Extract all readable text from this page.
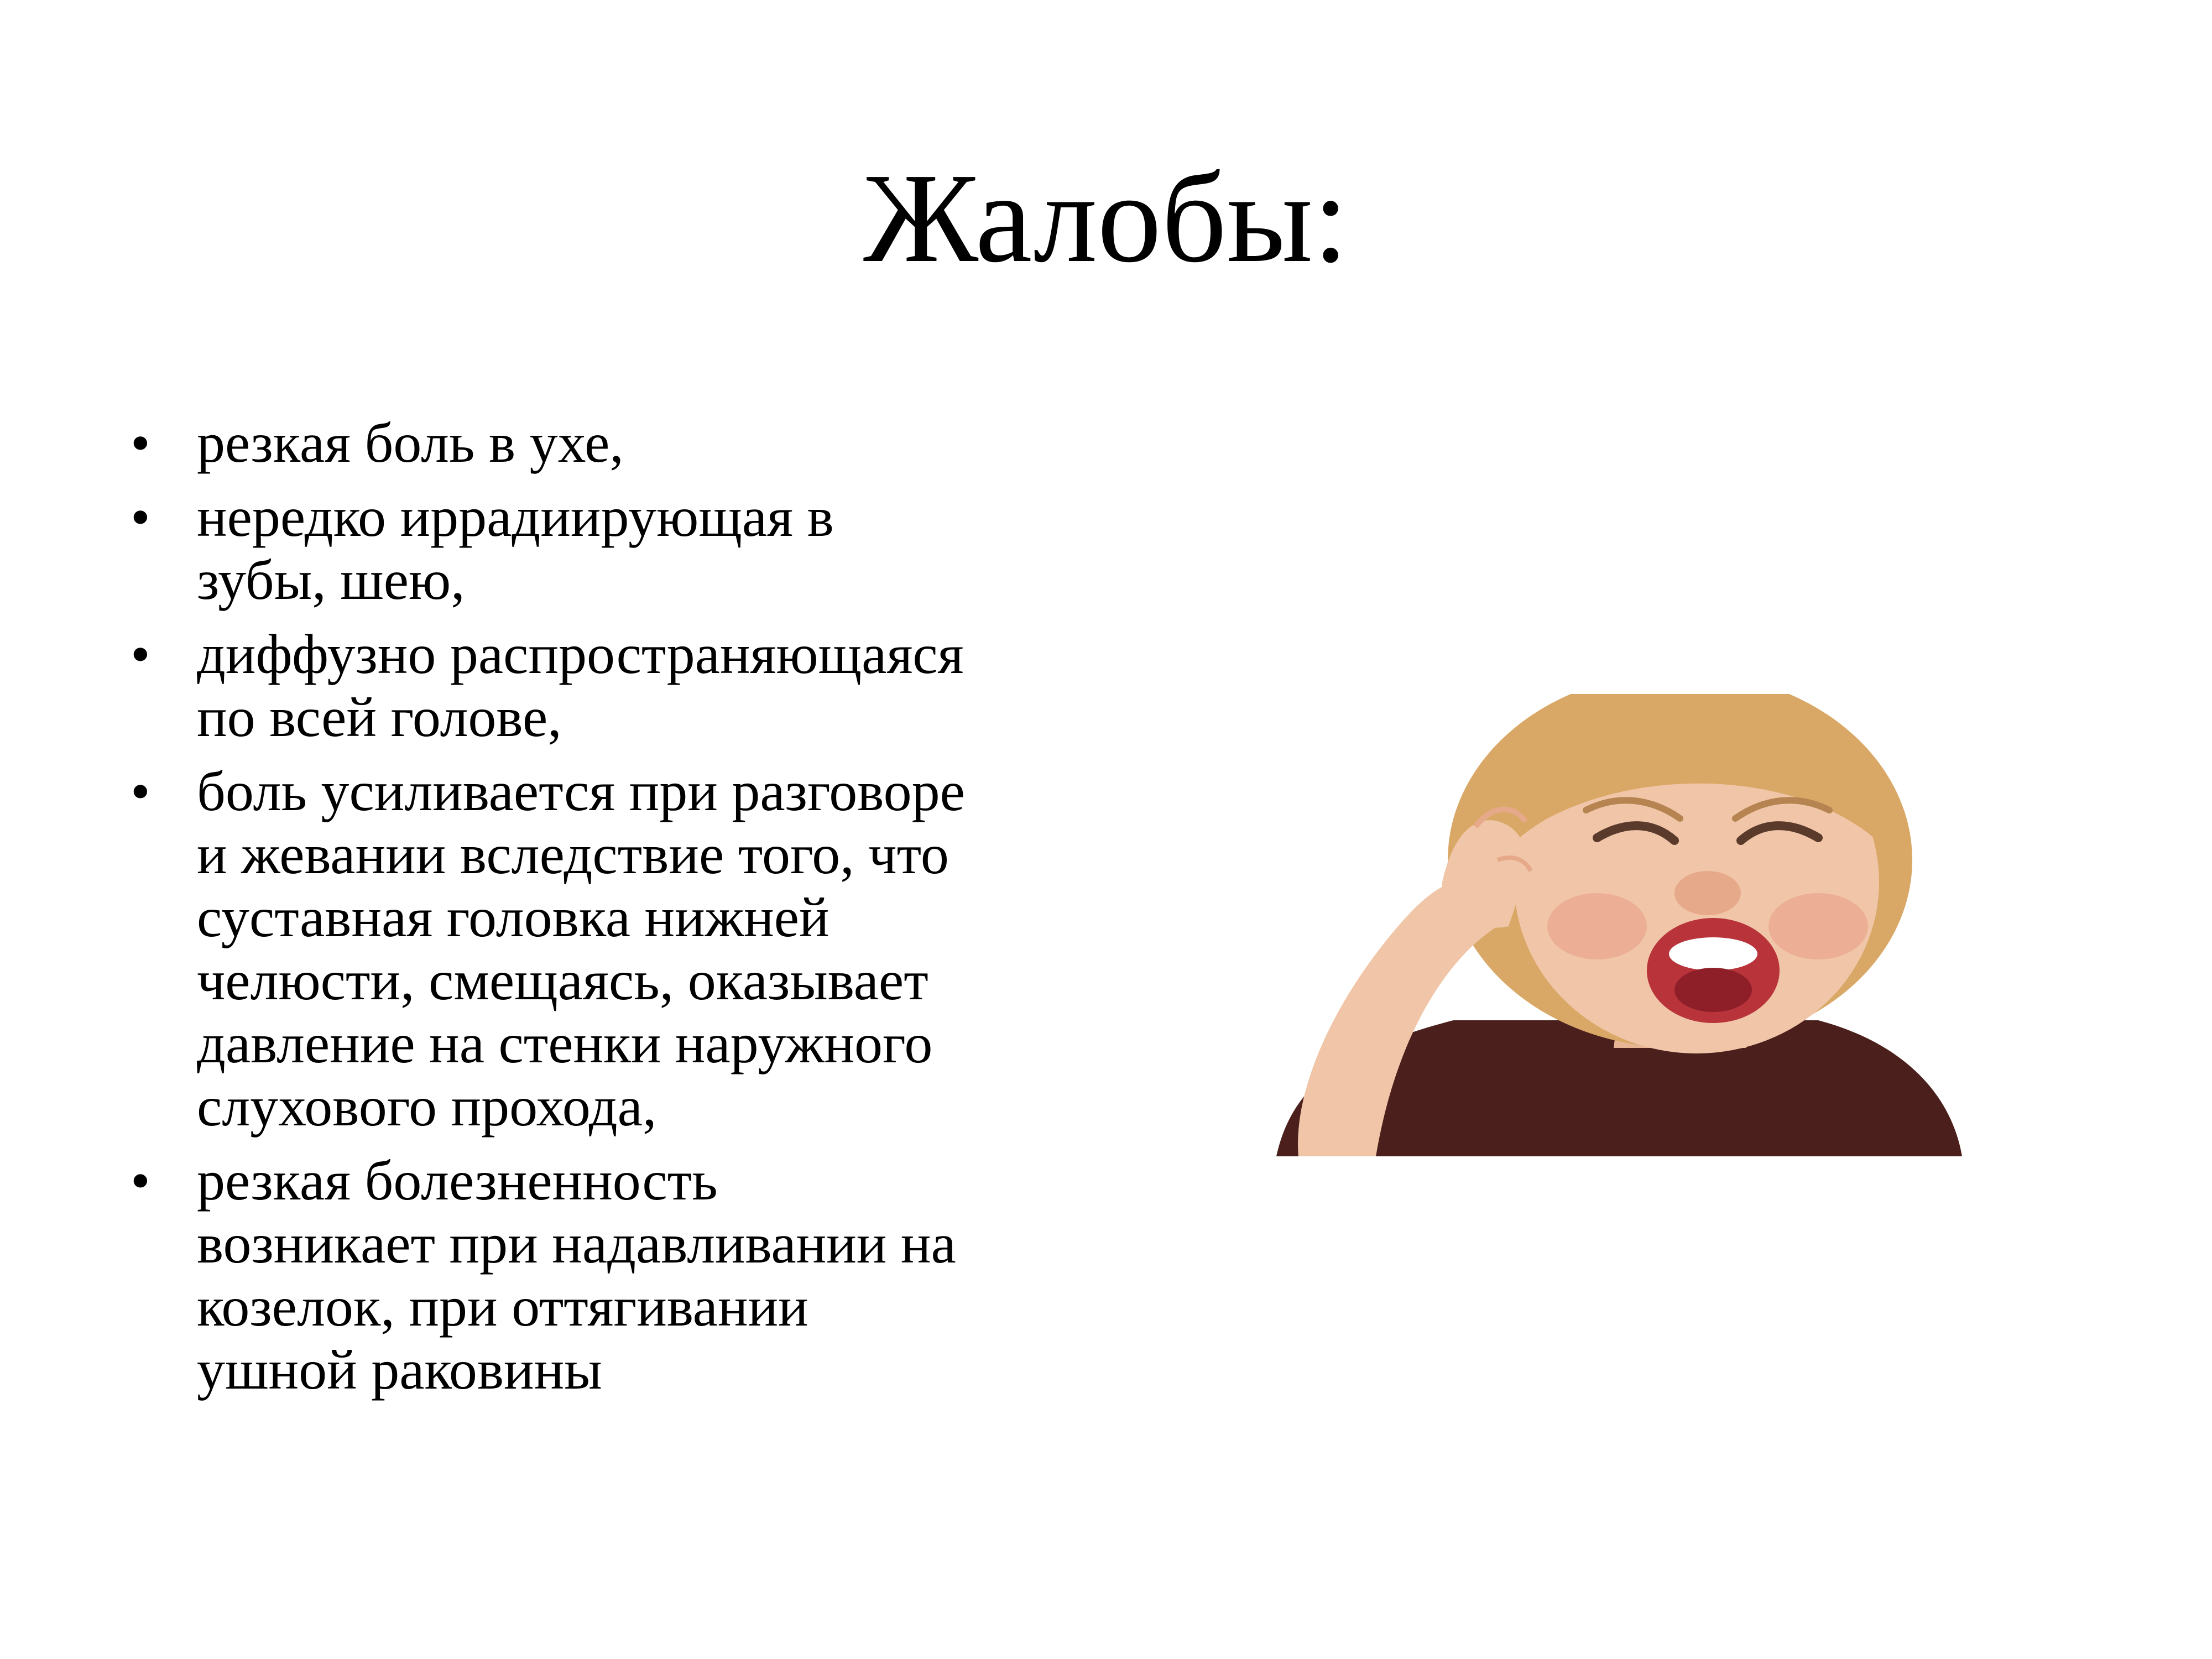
Жалобы:
• резкая боль в ухе,
• нередко иррадиирующая в
зубы, шею,
• диффузно распространяющаяся
по всей голове,
• боль усиливается при разговоре
и жевании вследствие того, что
суставная головка нижней
челюсти, смещаясь, оказывает
давление на стенки наружного
слухового прохода,
• резкая болезненность
возникает при надавливании на
козелок, при оттягивании
ушной раковины
